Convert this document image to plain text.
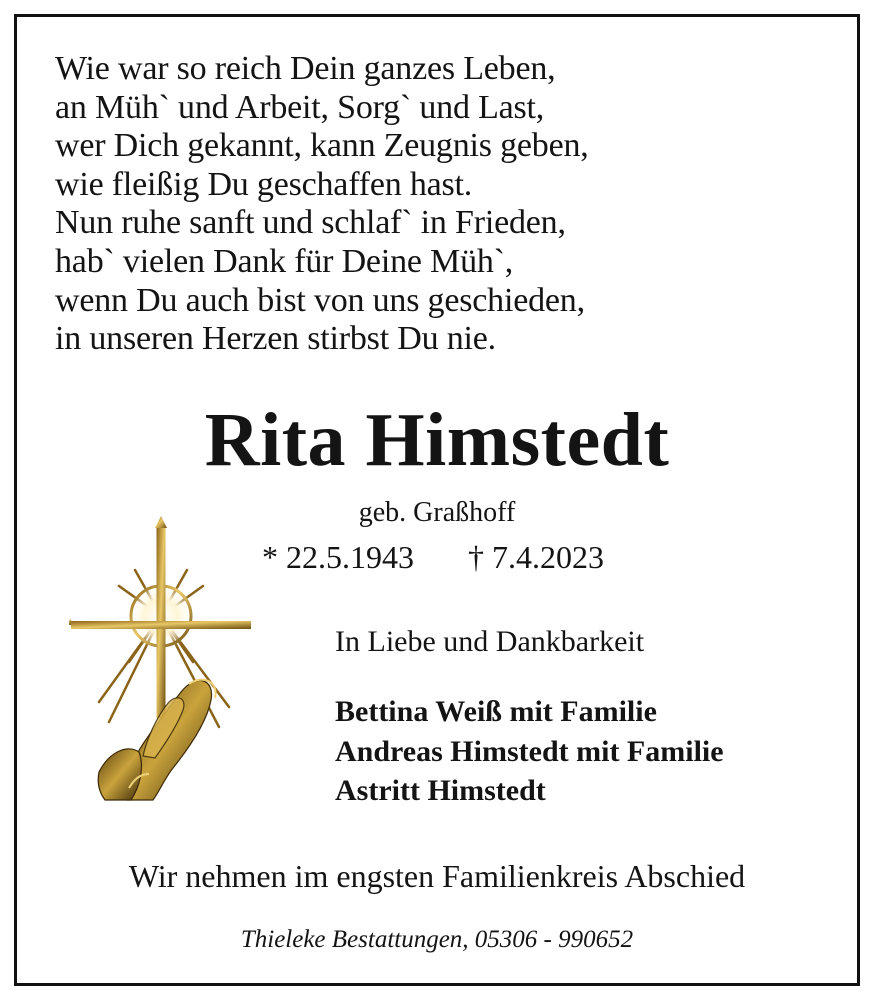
Wie war so reich Dein ganzes Leben,
an Müh` und Arbeit, Sorg` und Last,
wer Dich gekannt, kann Zeugnis geben,
wie fleißig Du geschaffen hast.
Nun ruhe sanft und schlaf` in Frieden,
hab` vielen Dank für Deine Müh`,
wenn Du auch bist von uns geschieden,
in unseren Herzen stirbst Du nie.
Rita Himstedt
geb. Graßhoff
* 22.5.1943 † 7.4.2023
In Liebe und Dankbarkeit
Bettina Weiß mit Familie
Andreas Himstedt mit Familie
Astritt Himstedt
Wir nehmen im engsten Familienkreis Abschied
Thieleke Bestattungen, 05306 - 990652
